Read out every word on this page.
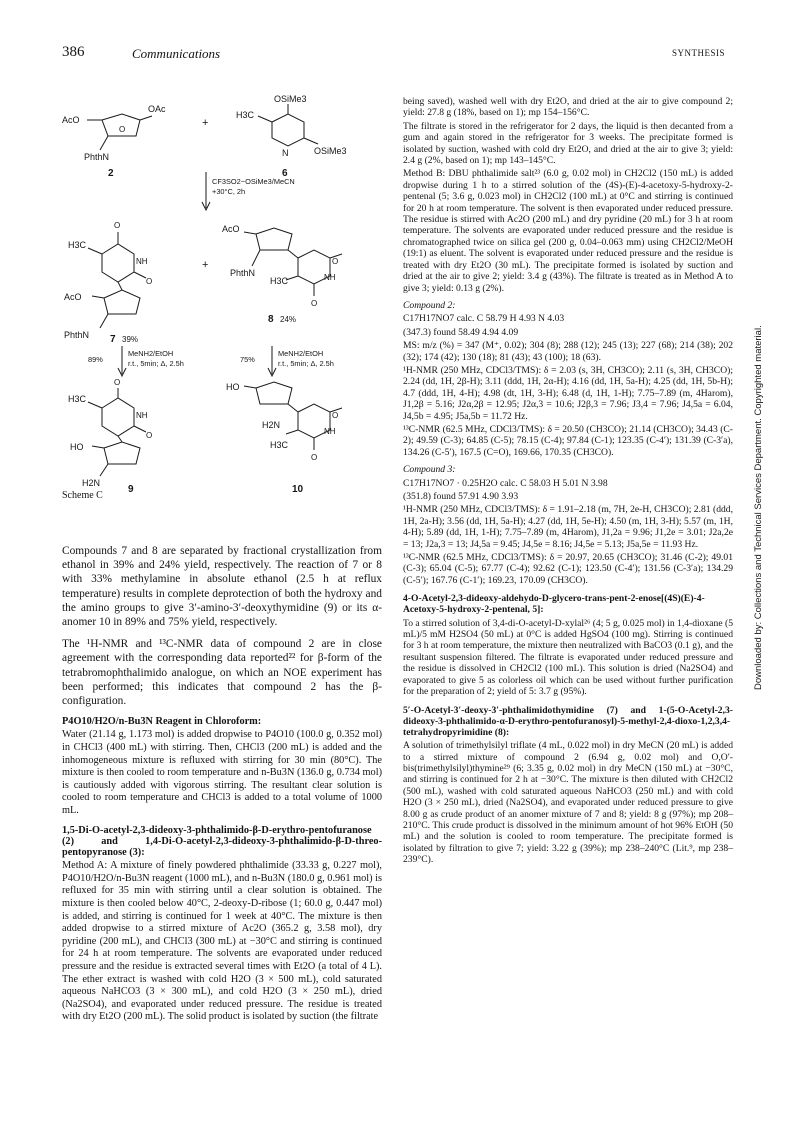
386	Communications	SYNTHESIS
AcO
OAc
O
PhthN
2
+
OSiMe3
H3C
N	OSiMe3
6
CF3SO2−OSiMe3/MeCN
+30°C, 2h
O
H3C
NH
O
AcO
PhthN 7 39%
+
AcO
PhthN
O
NH
H3C
O
8 24%
89%
MeNH2/EtOH
r.t., 5min; Δ, 2.5h	75%
MeNH2/EtOH
r.t., 5min; Δ, 2.5h
O
H3C
NH
O
HO
H2N
9
HO
H2N
O
NH
H3C
O
10
Scheme C

Compounds 7 and 8 are separated by fractional crystallization from ethanol in 39% and 24% yield, respectively. The reaction of 7 or 8 with 33% methylamine in absolute ethanol (2.5 h at reflux temperature) results in complete deprotection of both the hydroxy and the amino groups to give 3′-amino-3′-deoxythymidine (9) or its α-anomer 10 in 89% and 75% yield, respectively.

The ¹H-NMR and ¹³C-NMR data of compound 2 are in close agreement with the corresponding data reported²² for β-form of the tetrabromophthalimido analogue, on which an NOE experiment has been performed; this indicates that compound 2 has the β-configuration.

P4O10/H2O/n-Bu3N Reagent in Chloroform:

Water (21.14 g, 1.173 mol) is added dropwise to P4O10 (100.0 g, 0.352 mol) in CHCl3 (400 mL) with stirring. Then, CHCl3 (200 mL) is added and the inhomogeneous mixture is refluxed with stirring for 30 min (80°C). The mixture is then cooled to room temperature and n-Bu3N (136.0 g, 0.734 mol) is cautiously added with vigorous stirring. The resultant clear solution is cooled to room temperature and CHCl3 is added to a total volume of 1000 mL.

1,5-Di-O-acetyl-2,3-dideoxy-3-phthalimido-β-D-erythro-pentofuranose (2) and 1,4-Di-O-acetyl-2,3-dideoxy-3-phthalimido-β-D-threo-pentopyranose (3):

Method A: A mixture of finely powdered phthalimide (33.33 g, 0.227 mol), P4O10/H2O/n-Bu3N reagent (1000 mL), and n-Bu3N (180.0 g, 0.961 mol) is refluxed for 35 min with stirring until a clear solution is obtained. The mixture is then cooled below 40°C, 2-deoxy-D-ribose (1; 60.0 g, 0.447 mol) is added, and stirring is continued for 1 week at 40°C. The mixture is then added dropwise to a stirred mixture of Ac2O (365.2 g, 3.58 mol), dry pyridine (200 mL), and CHCl3 (300 mL) at −30°C and stirring is continued for 24 h at room temperature. The solvents are evaporated under reduced pressure and the residue is extracted several times with Et2O (a total of 4 L). The ether extract is washed with cold H2O (3 × 500 mL), cold saturated aqueous NaHCO3 (3 × 300 mL), and cold H2O (3 × 250 mL), dried (Na2SO4), and evaporated under reduced pressure. The residue is treated with dry Et2O (200 mL). The solid product is isolated by suction (the filtrate

being saved), washed well with dry Et2O, and dried at the air to give compound 2; yield: 27.8 g (18%, based on 1); mp 154–156°C.

The filtrate is stored in the refrigerator for 2 days, the liquid is then decanted from a gum and again stored in the refrigerator for 3 weeks. The precipitate formed is isolated by suction, washed with cold dry Et2O, and dried at the air to give 3; yield: 2.4 g (2%, based on 1); mp 143–145°C.

Method B: DBU phthalimide salt²³ (6.0 g, 0.02 mol) in CH2Cl2 (150 mL) is added dropwise during 1 h to a stirred solution of the (4S)-(E)-4-acetoxy-5-hydroxy-2-pentenal (5; 3.6 g, 0.023 mol) in CH2Cl2 (100 mL) at 0°C and stirring is continued for 20 h at room temperature. The solvent is then evaporated under reduced pressure. The residue is stirred with Ac2O (200 mL) and dry pyridine (20 mL) for 3 h at room temperature. The solvents are evaporated under reduced pressure and the residue is chromatographed twice on silica gel (200 g, 0.04–0.063 mm) using CH2Cl2/MeOH (19:1) as eluent. The solvent is evaporated under reduced pressure and the residue is treated with dry Et2O (30 mL). The precipitate formed is isolated by suction and dried at the air to give 2; yield: 3.4 g (43%). The filtrate is treated as in Method A to give 3; yield: 0.13 g (2%).

Compound 2:

C17H17NO7 calc. C 58.79 H 4.93 N 4.03

(347.3) found 58.49 4.94 4.09

MS: m/z (%) = 347 (M⁺, 0.02); 304 (8); 288 (12); 245 (13); 227 (68); 214 (38); 202 (32); 174 (42); 130 (18); 81 (43); 43 (100); 18 (63).

¹H-NMR (250 MHz, CDCl3/TMS): δ = 2.03 (s, 3H, CH3CO); 2.11 (s, 3H, CH3CO); 2.24 (dd, 1H, 2β-H); 3.11 (ddd, 1H, 2α-H); 4.16 (dd, 1H, 5a-H); 4.25 (dd, 1H, 5b-H); 4.7 (ddd, 1H, 4-H); 4.98 (dt, 1H, 3-H); 6.48 (d, 1H, 1-H); 7.75–7.89 (m, 4Harom), J1,2β = 5.16; J2α,2β = 12.95; J2α,3 = 10.6; J2β,3 = 7.96; J3,4 = 7.96; J4,5a = 6.04, J4,5b = 4.95; J5a,5b = 11.72 Hz.

¹³C-NMR (62.5 MHz, CDCl3/TMS): δ = 20.50 (CH3CO); 21.14 (CH3CO); 34.43 (C-2); 49.59 (C-3); 64.85 (C-5); 78.15 (C-4); 97.84 (C-1); 123.35 (C-4′); 131.39 (C-3′a), 134.26 (C-5′), 167.5 (C=O), 169.66, 170.35 (CH3CO).

Compound 3:

C17H17NO7 · 0.25H2O calc. C 58.03 H 5.01 N 3.98

(351.8) found 57.91 4.90 3.93

¹H-NMR (250 MHz, CDCl3/TMS): δ = 1.91–2.18 (m, 7H, 2e-H, CH3CO); 2.81 (ddd, 1H, 2a-H); 3.56 (dd, 1H, 5a-H); 4.27 (dd, 1H, 5e-H); 4.50 (m, 1H, 3-H); 5.57 (m, 1H, 4-H); 5.89 (dd, 1H, 1-H); 7.75–7.89 (m, 4Harom), J1,2a = 9.96; J1,2e = 3.01; J2a,2e = 13; J2a,3 = 13; J4,5a = 9.45; J4,5e = 8.16; J4,5e = 5.13; J5a,5e = 11.93 Hz.

¹³C-NMR (62.5 MHz, CDCl3/TMS): δ = 20.97, 20.65 (CH3CO); 31.46 (C-2); 49.01 (C-3); 65.04 (C-5); 67.77 (C-4); 92.62 (C-1); 123.50 (C-4′); 131.56 (C-3′a); 134.29 (C-5′); 167.76 (C-1′); 169.23, 170.09 (CH3CO).

4-O-Acetyl-2,3-dideoxy-aldehydo-D-glycero-trans-pent-2-enose[(4S)(E)-4-Acetoxy-5-hydroxy-2-pentenal, 5]:

To a stirred solution of 3,4-di-O-acetyl-D-xylal²⁶ (4; 5 g, 0.025 mol) in 1,4-dioxane (5 mL)/5 mM H2SO4 (50 mL) at 0°C is added HgSO4 (100 mg). Stirring is continued for 3 h at room temperature, the mixture then neutralized with BaCO3 (0.1 g), and the resultant suspension filtered. The filtrate is evaporated under reduced pressure and the residue is dissolved in CH2Cl2 (100 mL). This solution is dried (Na2SO4) and evaporated to give 5 as colorless oil which can be used without further purification for the preparation of 2; yield of 5: 3.7 g (95%).

5′-O-Acetyl-3′-deoxy-3′-phthalimidothymidine (7) and 1-(5-O-Acetyl-2,3-dideoxy-3-phthalimido-α-D-erythro-pentofuranosyl)-5-methyl-2,4-dioxo-1,2,3,4-tetrahydropyrimidine (8):

A solution of trimethylsilyl triflate (4 mL, 0.022 mol) in dry MeCN (20 mL) is added to a stirred mixture of compound 2 (6.94 g, 0.02 mol) and O,O′-bis(trimethylsilyl)thymine²⁹ (6; 3.35 g, 0.02 mol) in dry MeCN (150 mL) at −30°C, and stirring is continued for 2 h at −30°C. The mixture is then diluted with CH2Cl2 (500 mL), washed with cold saturated aqueous NaHCO3 (250 mL) and with cold H2O (3 × 250 mL), dried (Na2SO4), and evaporated under reduced pressure to give 8.00 g as crude product of an anomer mixture of 7 and 8; yield: 8 g (97%); mp 208–210°C. This crude product is dissolved in the minimum amount of hot 96% EtOH (50 mL) and the solution is cooled to room temperature. The precipitate formed is isolated by filtration to give 7; yield: 3.22 g (39%); mp 238–240°C (Lit.⁹, mp 238–239°C).

Downloaded by: Collections and Technical Services Department. Copyrighted material.
